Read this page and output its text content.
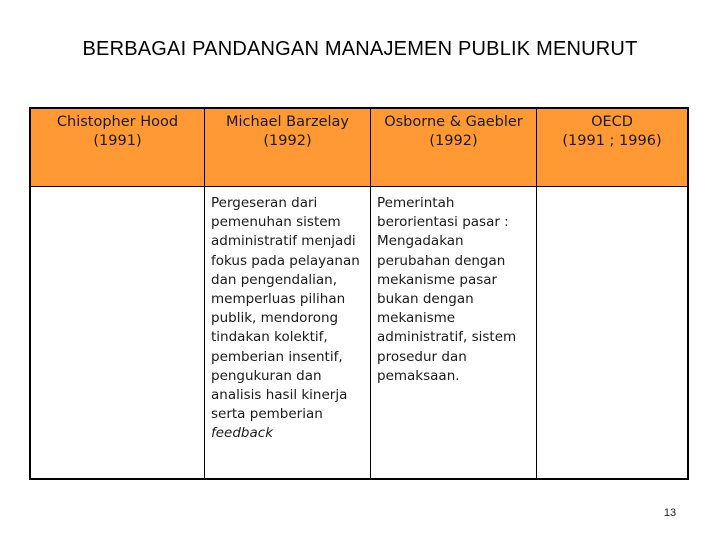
BERBAGAI PANDANGAN MANAJEMEN PUBLIK MENURUT
Chistopher Hood
(1991)
Michael Barzelay
(1992)
Osborne & Gaebler
(1992)
OECD
(1991 ; 1996)
Pergeseran dari pemenuhan sistem administratif menjadi fokus pada pelayanan dan pengendalian, memperluas pilihan publik, mendorong tindakan kolektif, pemberian insentif, pengukuran dan analisis hasil kinerja serta pemberian feedback
Pemerintah berorientasi pasar : Mengadakan perubahan dengan mekanisme pasar bukan dengan mekanisme administratif, sistem prosedur dan pemaksaan.
13
